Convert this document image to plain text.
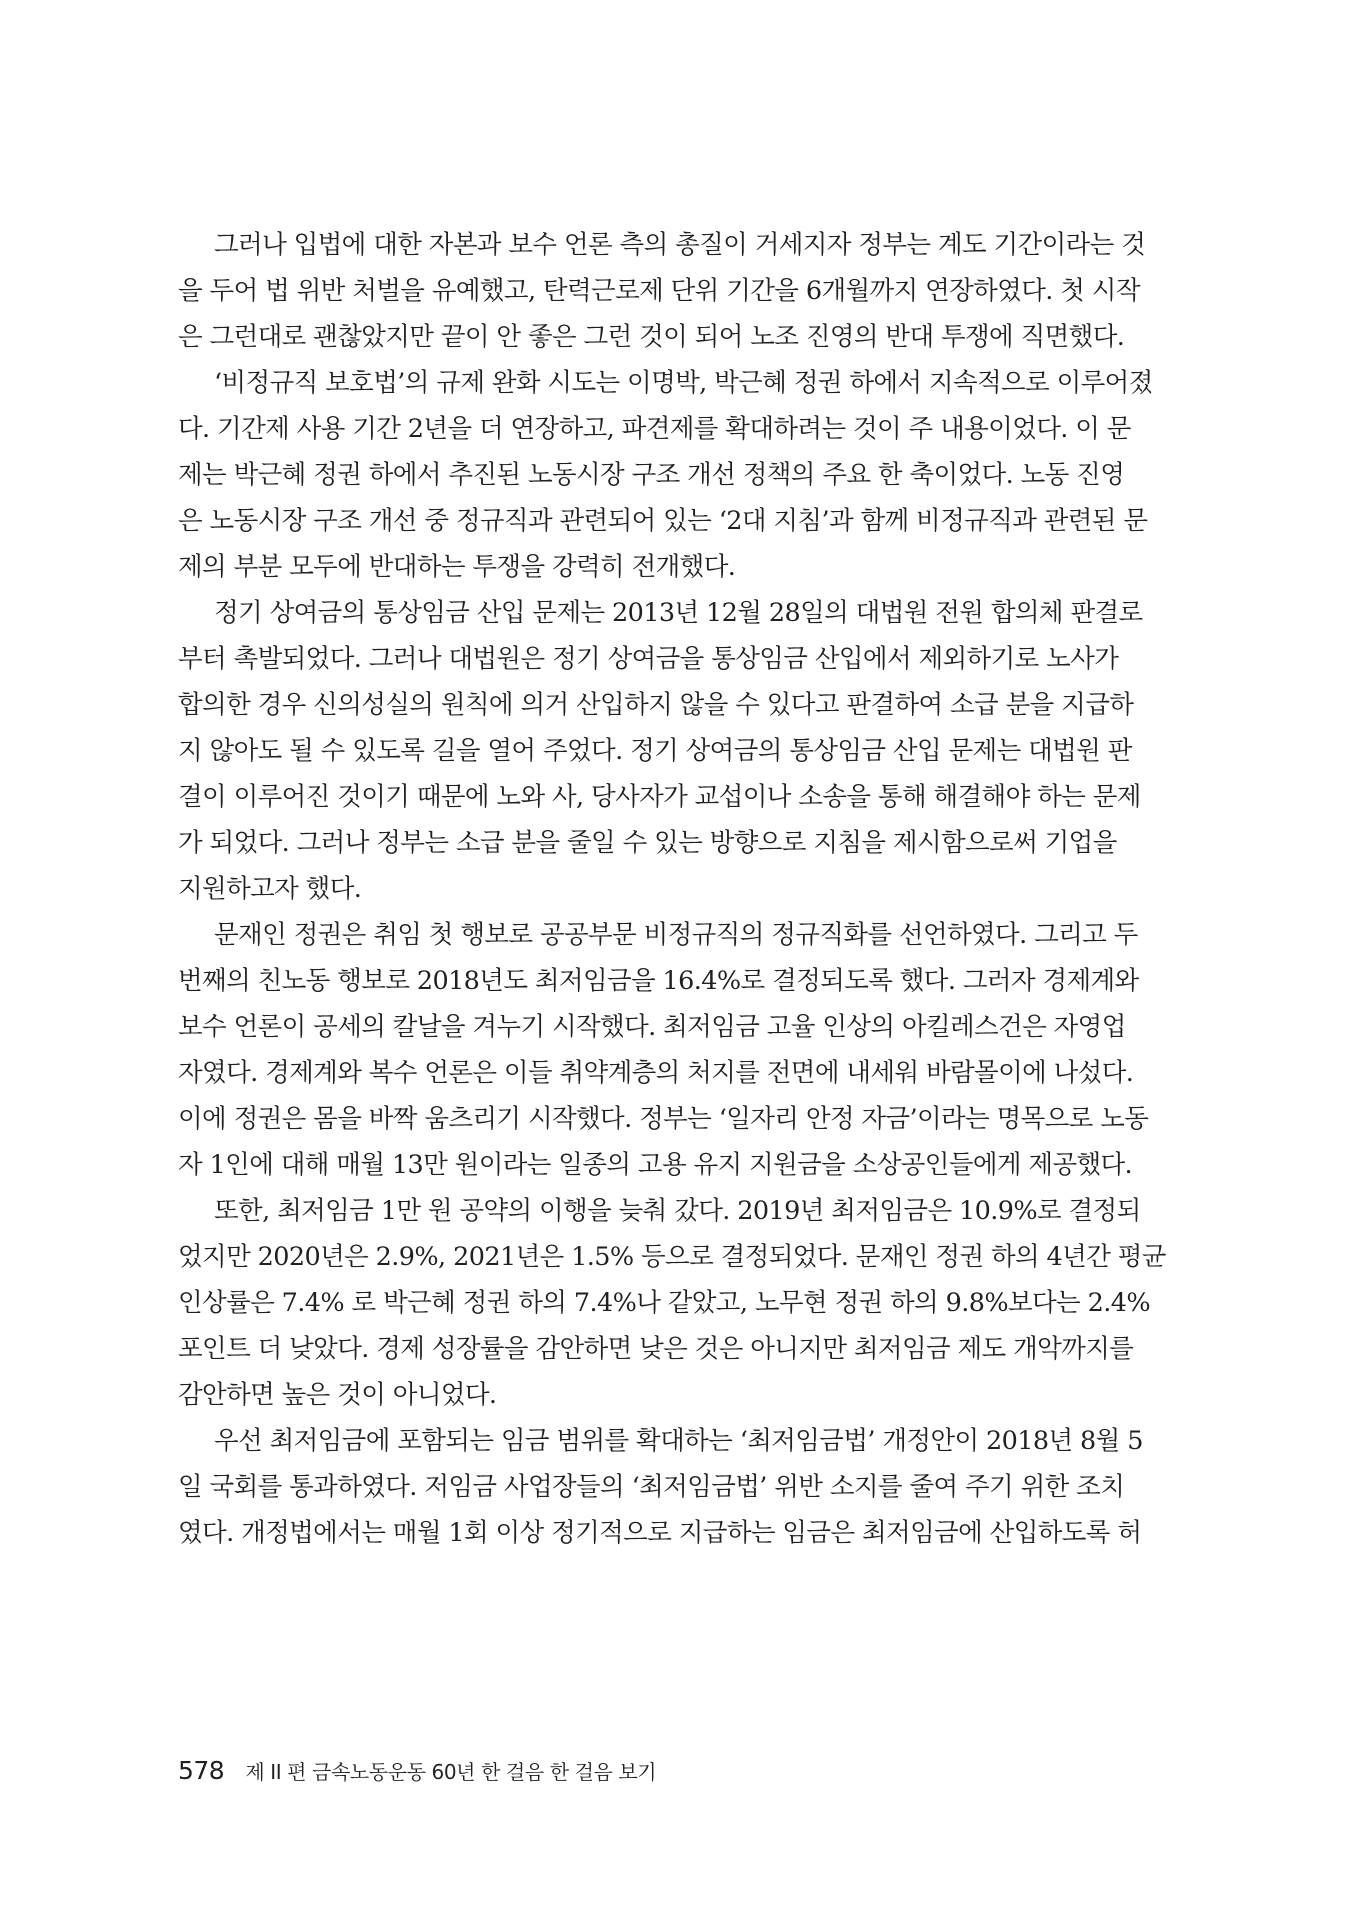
그러나 입법에 대한 자본과 보수 언론 측의 총질이 거세지자 정부는 계도 기간이라는 것
을 두어 법 위반 처벌을 유예했고, 탄력근로제 단위 기간을 6개월까지 연장하였다. 첫 시작
은 그런대로 괜찮았지만 끝이 안 좋은 그런 것이 되어 노조 진영의 반대 투쟁에 직면했다.

‘비정규직 보호법’의 규제 완화 시도는 이명박, 박근혜 정권 하에서 지속적으로 이루어졌
다. 기간제 사용 기간 2년을 더 연장하고, 파견제를 확대하려는 것이 주 내용이었다. 이 문
제는 박근혜 정권 하에서 추진된 노동시장 구조 개선 정책의 주요 한 축이었다. 노동 진영
은 노동시장 구조 개선 중 정규직과 관련되어 있는 ‘2대 지침’과 함께 비정규직과 관련된 문
제의 부분 모두에 반대하는 투쟁을 강력히 전개했다.

정기 상여금의 통상임금 산입 문제는 2013년 12월 28일의 대법원 전원 합의체 판결로
부터 촉발되었다. 그러나 대법원은 정기 상여금을 통상임금 산입에서 제외하기로 노사가
합의한 경우 신의성실의 원칙에 의거 산입하지 않을 수 있다고 판결하여 소급 분을 지급하
지 않아도 될 수 있도록 길을 열어 주었다. 정기 상여금의 통상임금 산입 문제는 대법원 판
결이 이루어진 것이기 때문에 노와 사, 당사자가 교섭이나 소송을 통해 해결해야 하는 문제
가 되었다. 그러나 정부는 소급 분을 줄일 수 있는 방향으로 지침을 제시함으로써 기업을
지원하고자 했다.

문재인 정권은 취임 첫 행보로 공공부문 비정규직의 정규직화를 선언하였다. 그리고 두
번째의 친노동 행보로 2018년도 최저임금을 16.4%로 결정되도록 했다. 그러자 경제계와
보수 언론이 공세의 칼날을 겨누기 시작했다. 최저임금 고율 인상의 아킬레스건은 자영업
자였다. 경제계와 복수 언론은 이들 취약계층의 처지를 전면에 내세워 바람몰이에 나섰다.
이에 정권은 몸을 바짝 움츠리기 시작했다. 정부는 ‘일자리 안정 자금’이라는 명목으로 노동
자 1인에 대해 매월 13만 원이라는 일종의 고용 유지 지원금을 소상공인들에게 제공했다.

또한, 최저임금 1만 원 공약의 이행을 늦춰 갔다. 2019년 최저임금은 10.9%로 결정되
었지만 2020년은 2.9%, 2021년은 1.5% 등으로 결정되었다. 문재인 정권 하의 4년간 평균
인상률은 7.4% 로 박근혜 정권 하의 7.4%나 같았고, 노무현 정권 하의 9.8%보다는 2.4%
포인트 더 낮았다. 경제 성장률을 감안하면 낮은 것은 아니지만 최저임금 제도 개악까지를
감안하면 높은 것이 아니었다.

우선 최저임금에 포함되는 임금 범위를 확대하는 ‘최저임금법’ 개정안이 2018년 8월 5
일 국회를 통과하였다. 저임금 사업장들의 ‘최저임금법’ 위반 소지를 줄여 주기 위한 조치
였다. 개정법에서는 매월 1회 이상 정기적으로 지급하는 임금은 최저임금에 산입하도록 허

578 제 II 편 금속노동운동 60년 한 걸음 한 걸음 보기
